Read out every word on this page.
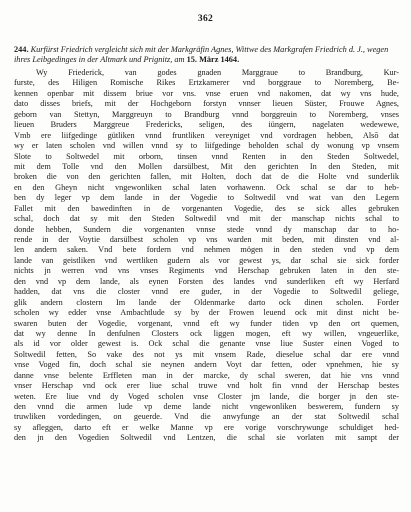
362
244. Kurfürst Friedrich vergleicht sich mit der Markgräfin Agnes, Wittwe des Markgrafen Friedrich d. J., wegen ihres Leibgedinges in der Altmark und Prignitz, am 15. März 1464.
Wy Friederick, van godes gnaden Marggraue to Brandburg, Kur-
furste, des Hiligen Romische Rikes Ertzkamerer vnd borggraue to Noremberg, Be-
kennen openbar mit dissem briue vor vns. vnse eruen vnd nakomen, dat wy vns hude,
dato disses briefs, mit der Hochgeborn forstyn vnnser lieuen Süster, Frouwe Agnes,
geborn van Stettyn, Marggreuyn to Brandburg vnnd borggreuin to Noremberg, vnses
lieuen Bruders Marggreue Fredericks, seligen, des iüngern, nagelaten wedewewe,
Vmb ere liifgedinge gütliken vnnd fruntliken vereyniget vnd vordragen hebben, Alsō dat
wy er laten scholen vnd willen vnnd sy to liifgedinge beholden schal dy wonung vp vnsem
Slote to Soltwedel mit orborn, tinsen vnnd Renten in den Steden Soltwedel,
mit dem Tolle vnd den Mollen darsülbest, Mit den gerichten In den Steden, mit
broken die von den gerichten fallen, mit Holten, doch dat de die Holte vnd sunderlik
en den Gheyn nicht vngewonliken schal laten vorhawenn. Ock schal se dar to heb-
ben dy leger vp dem lande in der Vogedie to Soltwedil vnd wat van den Legern
Fallet mit den bawedinften in de vorgenanten Vogedie, des se sick alles gebruken
schal, doch dat sy mit den Steden Soltwedil vnd mit der manschap nichts schal to
donde hebben, Sundern die vorgenanten vnnse stede vnnd dy manschap dar to ho-
rende in der Voytie darsülbest scholen vp vns warden mit beden, mit dinsten vnd al-
len andern saken. Vnd bete fordern vnd nehmen mögen in den steden vnd vp dem
lande van geistliken vnd wertliken gudern als vor gewest ys, dar schal sie sick forder
nichts jn werren vnd vns vnses Regiments vnd Herschap gebruken laten in den ste-
den vnd vp dem lande, als eynen Forsten des landes vnd sunderliken eft wy Herfard
hadden, dat vns die closter vnnd ere guder, in der Vogedie to Soltwedil geliege,
glik andern clostern Im lande der Oldenmarke darto ock dinen scholen. Forder
scholen wy edder vnse Ambachtlude sy by der Frowen leuend ock mit dinst nicht be-
swaren buten der Vogedie, vorgenant, vnnd eft wy funder tiden vp den ort quemen,
dat wy denne In denfulnen Closters ock liggen mogen, eft wy willen, vngeuerlike,
als id vor older gewest is. Ock schal die genante vnse liue Suster einen Voged to
Soltwedil fetten, So vake des not ys mit vnsem Rade, dieselue schal dar ere vnnd
vnse Voged fin, doch schal sie neynen andern Voyt dar fetten, oder vpnehmen, hie sy
danne vnse belente Erffleten man in der marcke, dy schal sweren, dat hie vns vnnd
vnser Herschap vnd ock erer liue schal truwe vnd holt fin vnnd der Herschap bestes
weten. Ere liue vnd dy Voged scholen vnse Closter jm lande, die borger jn den ste-
den vnnd die armen lude vp deme lande nicht vngewonliken beswerem, fundern sy
truwliken vordedingen, on geuerde. Vnd die anwyfunge an der stat Soltwedil schal
sy afleggen, darto eft er welke Manne vp ere vorige vorschrywunge schuldiget hed-
den jn den Vogedien Soltwedil vnd Lentzen, die schal sie vorlaten mit sampt der
